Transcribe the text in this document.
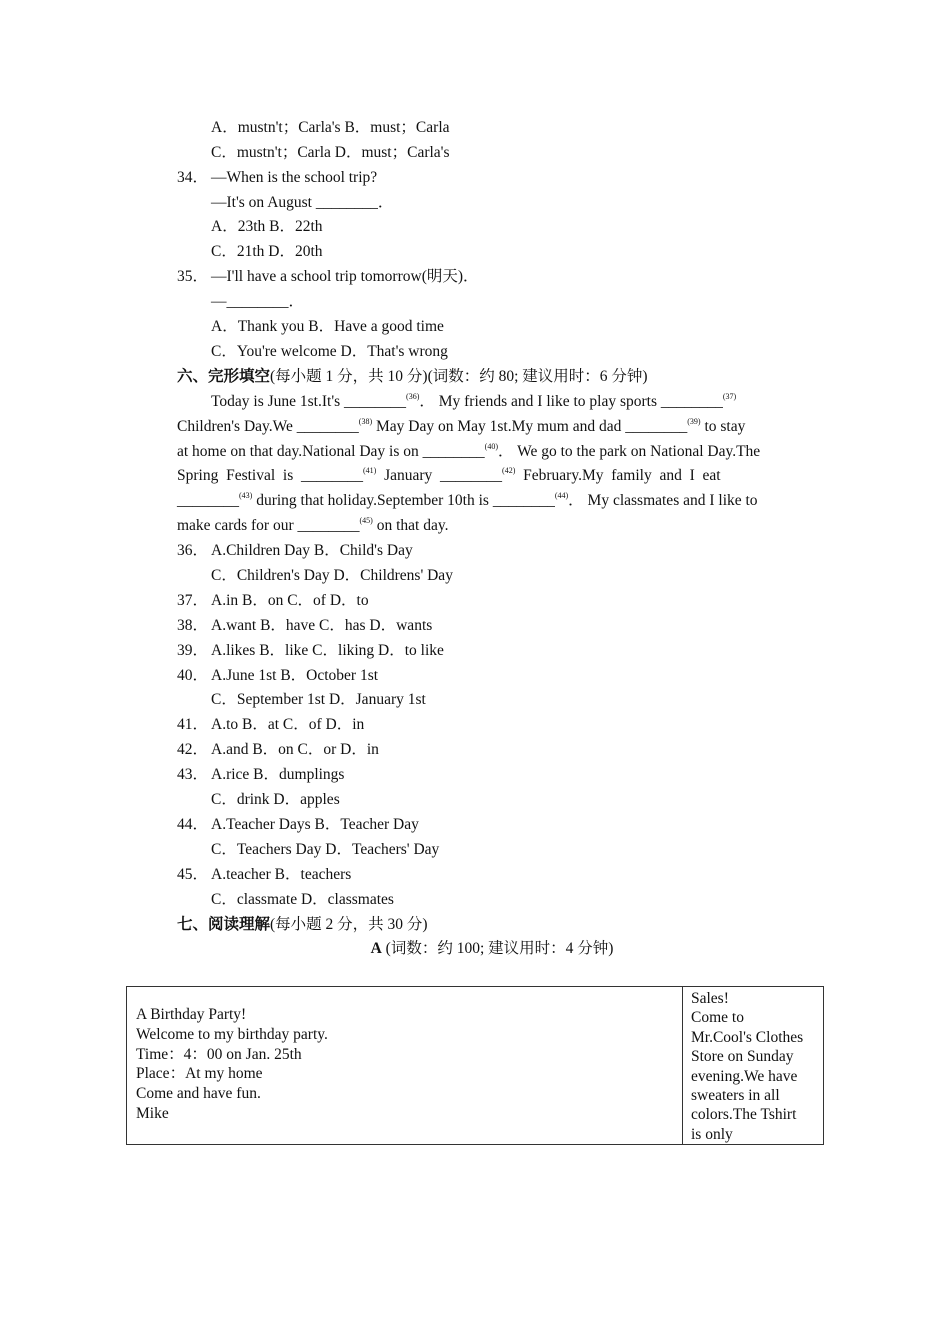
A．mustn't；Carla's B．must；Carla
C．mustn't；Carla D．must；Carla's
34． —When is the school trip?
—It's on August ________．
A．23th B．22th
C．21th D．20th
35． —I'll have a school trip tomorrow(明天)．
—________．
A．Thank you B．Have a good time
C．You're welcome D．That's wrong
六、完形填空(每小题 1 分，共 10 分)(词数：约 80; 建议用时：6 分钟)
Today is June 1st.It's ________$^{(36)}$． My friends and I like to play sports ________$^{(37)}$
Children's Day.We ________$^{(38)}$ May Day on May 1st.My mum and dad ________$^{(39)}$ to stay
at home on that day.National Day is on ________$^{(40)}$． We go to the park on National Day.The
Spring  Festival  is  ________$^{(41)}$  January  ________$^{(42)}$  February.My  family  and  I  eat
________$^{(43)}$ during that holiday.September 10th is ________$^{(44)}$． My classmates and I like to
make cards for our ________$^{(45)}$ on that day.
36． A.Children Day B．Child's Day
C．Children's Day D．Childrens' Day
37． A.in B．on C．of D．to
38． A.want B．have C．has D．wants
39． A.likes B．like C．liking D．to like
40． A.June 1st B．October 1st
C．September 1st D．January 1st
41． A.to B．at C．of D．in
42． A.and B．on C．or D．in
43． A.rice B．dumplings
C．drink D．apples
44． A.Teacher Days B．Teacher Day
C．Teachers Day D．Teachers' Day
45． A.teacher B．teachers
C．classmate D．classmates
七、阅读理解(每小题 2 分，共 30 分)
A (词数：约 100; 建议用时：4 分钟)
A Birthday Party!
Welcome to my birthday party.
Time：4：00 on Jan. 25th
Place：At my home
Come and have fun.
Mike

Sales!
Come to
Mr.Cool's Clothes
Store on Sunday
evening.We have
sweaters in all
colors.The Tshirt
is only
